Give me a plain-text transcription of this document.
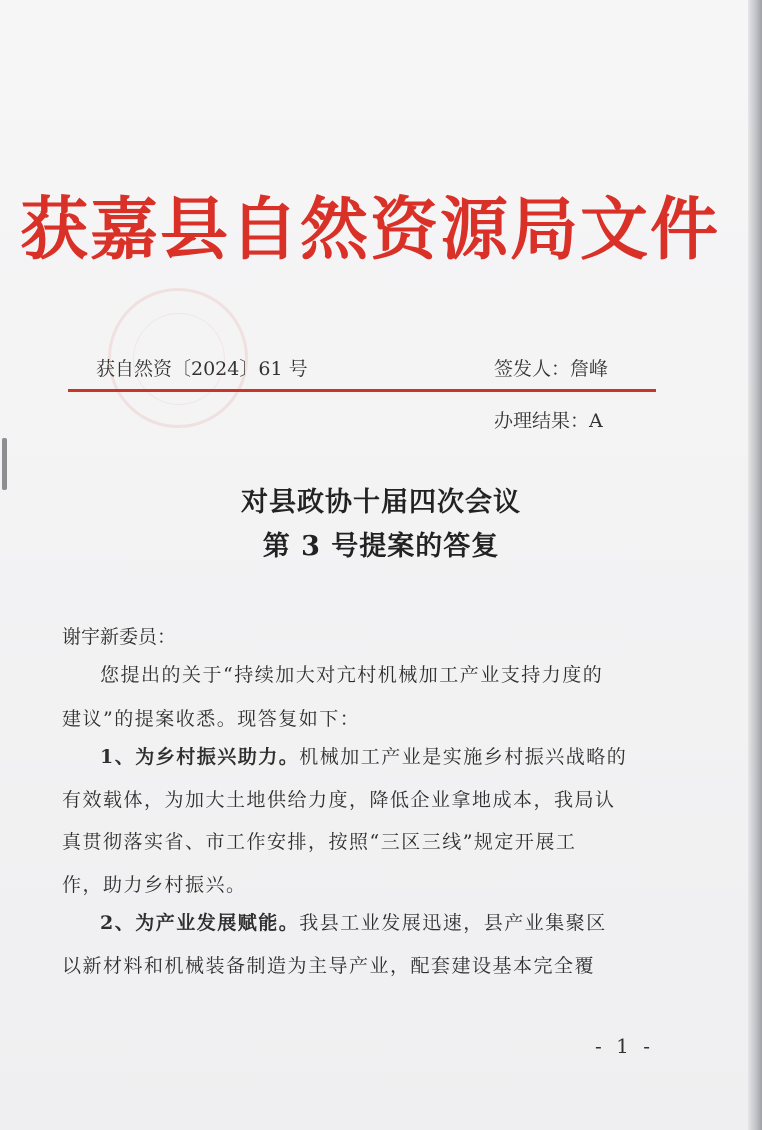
获嘉县自然资源局文件
获自然资〔2024〕61 号	签发人：詹峰
办理结果：A
对县政协十届四次会议
第 3 号提案的答复
谢宇新委员：
您提出的关于“持续加大对亢村机械加工产业支持力度的
建议”的提案收悉。现答复如下：
1、为乡村振兴助力。机械加工产业是实施乡村振兴战略的
有效载体，为加大土地供给力度，降低企业拿地成本，我局认
真贯彻落实省、市工作安排，按照“三区三线”规定开展工
作，助力乡村振兴。
2、为产业发展赋能。我县工业发展迅速，县产业集聚区
以新材料和机械装备制造为主导产业，配套建设基本完全覆
- 1 -
